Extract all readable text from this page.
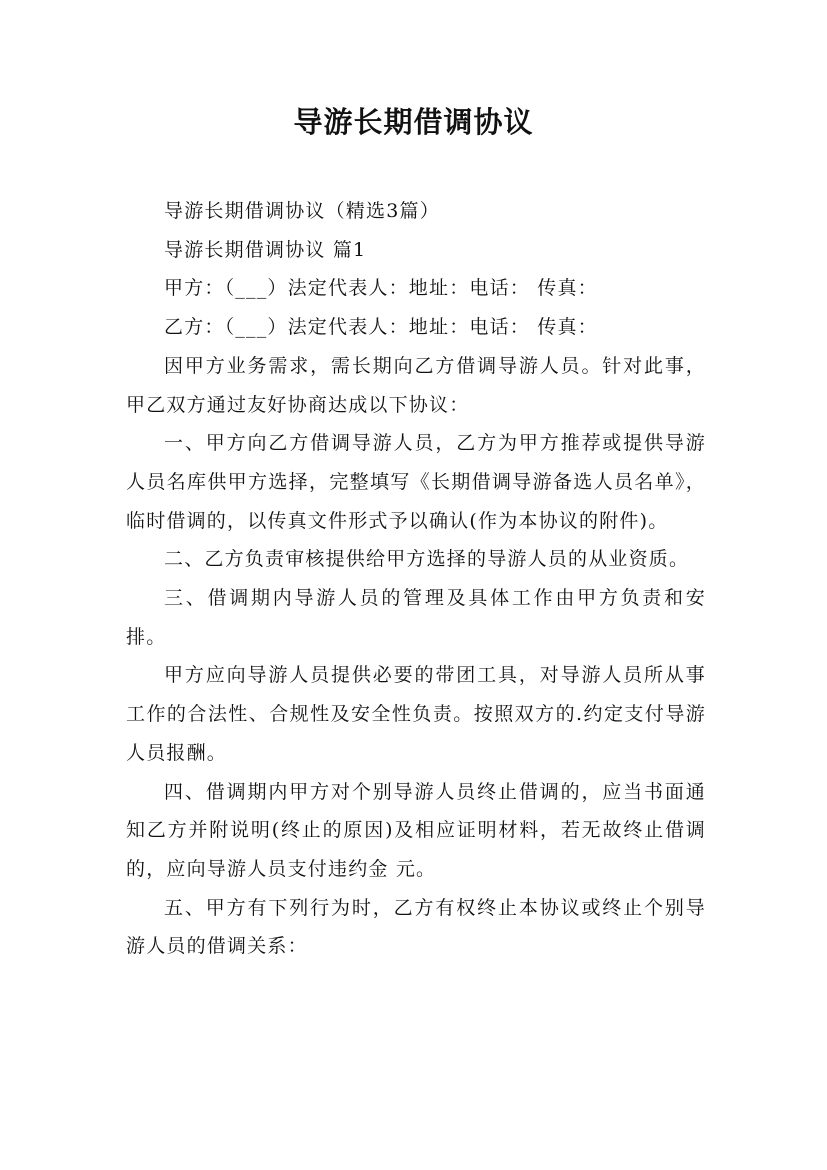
导游长期借调协议

导游长期借调协议（精选3篇）

导游长期借调协议 篇1

甲方：（___）法定代表人：地址：电话： 传真：

乙方：（___）法定代表人：地址：电话： 传真：

因甲方业务需求，需长期向乙方借调导游人员。针对此事，甲乙双方通过友好协商达成以下协议：

一、甲方向乙方借调导游人员，乙方为甲方推荐或提供导游人员名库供甲方选择，完整填写《长期借调导游备选人员名单》，临时借调的，以传真文件形式予以确认(作为本协议的附件)。

二、乙方负责审核提供给甲方选择的导游人员的从业资质。

三、借调期内导游人员的管理及具体工作由甲方负责和安排。

甲方应向导游人员提供必要的带团工具，对导游人员所从事工作的合法性、合规性及安全性负责。按照双方的.约定支付导游人员报酬。

四、借调期内甲方对个别导游人员终止借调的，应当书面通知乙方并附说明(终止的原因)及相应证明材料，若无故终止借调的，应向导游人员支付违约金 元。

五、甲方有下列行为时，乙方有权终止本协议或终止个别导游人员的借调关系：
